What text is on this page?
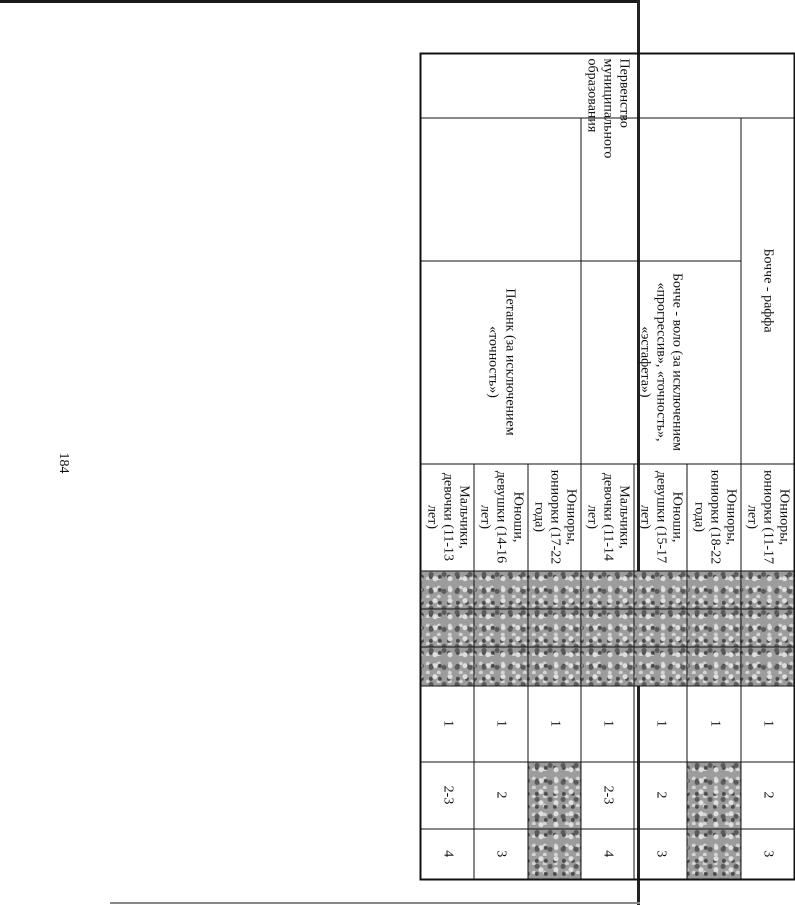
184
Первенство муниципального образования	Бочче - раффа		Юниоры, юниорки (11-17 лет)				1	2	3
		Бочче - воло (за исключением «прогрессив», «точность», «эстафета»)	Юниоры, юниорки (18-22 года)				1		
			Юноши, девушки (15-17 лет)				1	2	3
			Мальчики, девочки (11-14 лет)				1	2-3	4
		Петанк (за исключением «точность»)	Юниоры, юниорки (17-22 года)				1		
			Юноши, девушки (14-16 лет)				1	2	3
			Мальчики, девочки (11-13 лет)				1	2-3	4
